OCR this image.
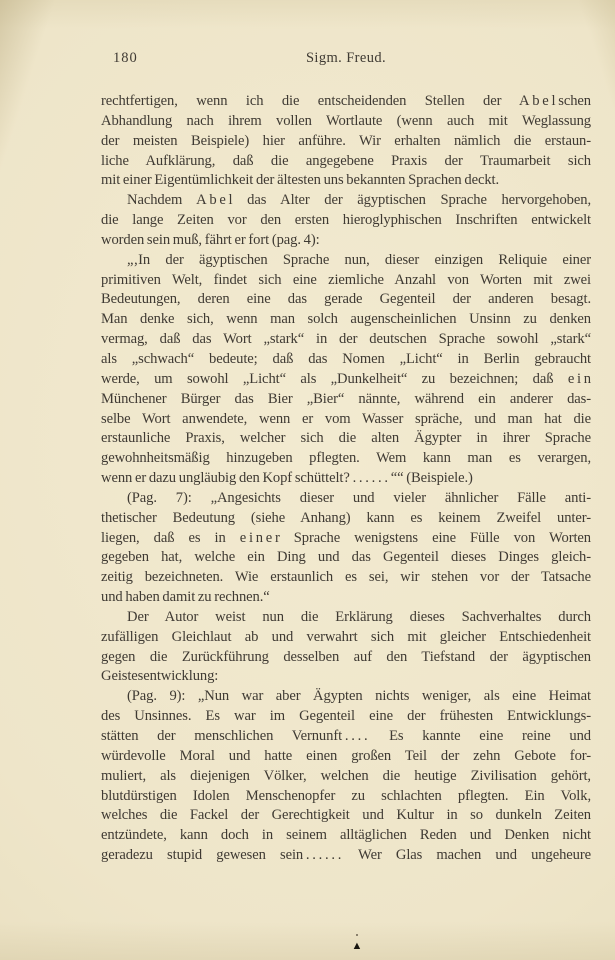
180	Sigm. Freud.
rechtfertigen, wenn ich die entscheidenden Stellen der A b e l schen
Abhandlung nach ihrem vollen Wortlaute (wenn auch mit Weglassung
der meisten Beispiele) hier anführe. Wir erhalten nämlich die erstaun-
liche Aufklärung, daß die angegebene Praxis der Traumarbeit sich
mit einer Eigentümlichkeit der ältesten uns bekannten Sprachen deckt.
Nachdem A b e l das Alter der ägyptischen Sprache hervorgehoben,
die lange Zeiten vor den ersten hieroglyphischen Inschriften entwickelt
worden sein muß, fährt er fort (pag. 4):
„‚In der ägyptischen Sprache nun, dieser einzigen Reliquie einer
primitiven Welt, findet sich eine ziemliche Anzahl von Worten mit zwei
Bedeutungen, deren eine das gerade Gegenteil der anderen besagt.
Man denke sich, wenn man solch augenscheinlichen Unsinn zu denken
vermag, daß das Wort „stark“ in der deutschen Sprache sowohl „stark“
als „schwach“ bedeute; daß das Nomen „Licht“ in Berlin gebraucht
werde, um sowohl „Licht“ als „Dunkelheit“ zu bezeichnen; daß e i n
Münchener Bürger das Bier „Bier“ nännte, während ein anderer das-
selbe Wort anwendete, wenn er vom Wasser spräche, und man hat die
erstaunliche Praxis, welcher sich die alten Ägypter in ihrer Sprache
gewohnheitsmäßig hinzugeben pflegten. Wem kann man es verargen,
wenn er dazu ungläubig den Kopf schüttelt? . . . . . . ““ (Beispiele.)
(Pag. 7): „Angesichts dieser und vieler ähnlicher Fälle anti-
thetischer Bedeutung (siehe Anhang) kann es keinem Zweifel unter-
liegen, daß es in e i n e r Sprache wenigstens eine Fülle von Worten
gegeben hat, welche ein Ding und das Gegenteil dieses Dinges gleich-
zeitig bezeichneten. Wie erstaunlich es sei, wir stehen vor der Tatsache
und haben damit zu rechnen.“
Der Autor weist nun die Erklärung dieses Sachverhaltes durch
zufälligen Gleichlaut ab und verwahrt sich mit gleicher Entschiedenheit
gegen die Zurückführung desselben auf den Tiefstand der ägyptischen
Geistesentwicklung:
(Pag. 9): „Nun war aber Ägypten nichts weniger, als eine Heimat
des Unsinnes. Es war im Gegenteil eine der frühesten Entwicklungs-
stätten der menschlichen Vernunft . . . .  Es kannte eine reine und
würdevolle Moral und hatte einen großen Teil der zehn Gebote for-
muliert, als diejenigen Völker, welchen die heutige Zivilisation gehört,
blutdürstigen Idolen Menschenopfer zu schlachten pflegten. Ein Volk,
welches die Fackel der Gerechtigkeit und Kultur in so dunkeln Zeiten
entzündete, kann doch in seinem alltäglichen Reden und Denken nicht
geradezu stupid gewesen sein . . . . . .  Wer Glas machen und ungeheure
▲
